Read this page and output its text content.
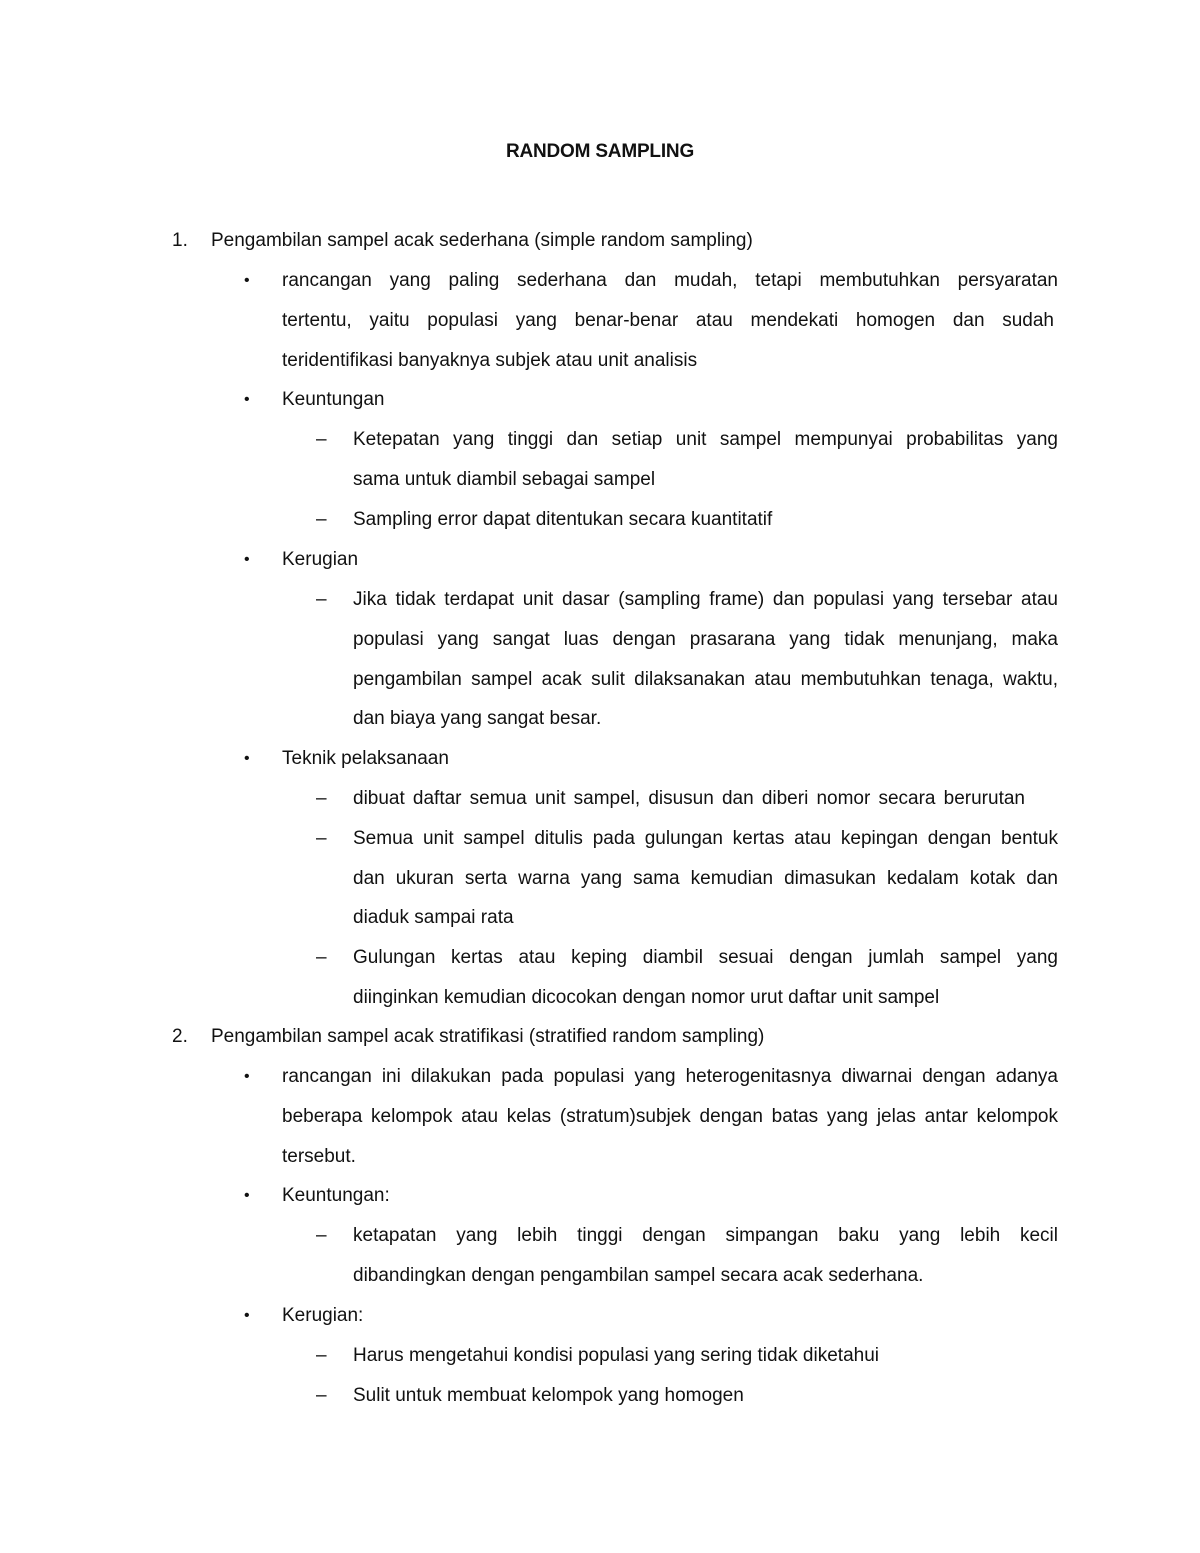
RANDOM SAMPLING
1.	Pengambilan sampel acak sederhana (simple random sampling)
• rancangan yang paling sederhana dan mudah, tetapi membutuhkan persyaratan
tertentu, yaitu populasi yang benar-benar atau mendekati homogen dan sudah
teridentifikasi banyaknya subjek atau unit analisis
• Keuntungan
– Ketepatan yang tinggi dan setiap unit sampel mempunyai probabilitas yang
sama untuk diambil sebagai sampel
– Sampling error dapat ditentukan secara kuantitatif
• Kerugian
– Jika tidak terdapat unit dasar (sampling frame) dan populasi yang tersebar atau
populasi yang sangat luas dengan prasarana yang tidak menunjang, maka
pengambilan sampel acak sulit dilaksanakan atau membutuhkan tenaga, waktu,
dan biaya yang sangat besar.
• Teknik pelaksanaan
– dibuat daftar semua unit sampel, disusun dan diberi nomor secara berurutan
– Semua unit sampel ditulis pada gulungan kertas atau kepingan dengan bentuk
dan ukuran serta warna yang sama kemudian dimasukan kedalam kotak dan
diaduk sampai rata
– Gulungan kertas atau keping diambil sesuai dengan jumlah sampel yang
diinginkan kemudian dicocokan dengan nomor urut daftar unit sampel
2.	Pengambilan sampel acak stratifikasi (stratified random sampling)
• rancangan ini dilakukan pada populasi yang heterogenitasnya diwarnai dengan adanya
beberapa kelompok atau kelas (stratum)subjek dengan batas yang jelas antar kelompok
tersebut.
• Keuntungan:
– ketapatan yang lebih tinggi dengan simpangan baku yang lebih kecil
dibandingkan dengan pengambilan sampel secara acak sederhana.
• Kerugian:
– Harus mengetahui kondisi populasi yang sering tidak diketahui
– Sulit untuk membuat kelompok yang homogen
